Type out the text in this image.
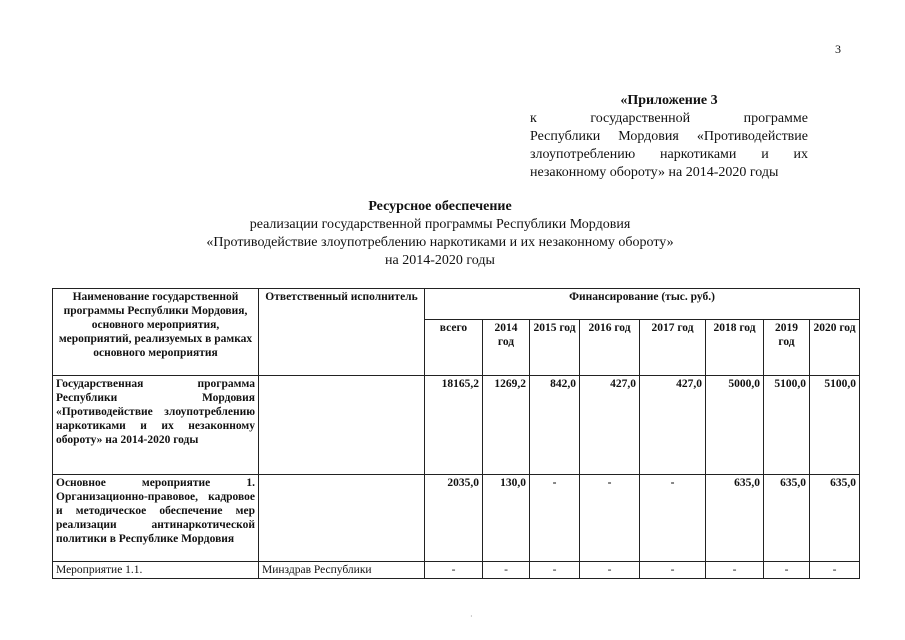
3
«Приложение 3
к государственной программе
Республики Мордовия «Противодействие
злоупотреблению наркотиками и их
незаконному обороту» на 2014-2020 годы
Ресурсное обеспечение
реализации государственной программы Республики Мордовия
«Противодействие злоупотреблению наркотиками и их незаконному обороту»
на 2014-2020 годы
Наименование государственной программы Республики Мордовия, основного мероприятия, мероприятий, реализуемых в рамках основного мероприятия	Ответственный исполнитель	Финансирование (тыс. руб.)							
		всего	2014 год	2015 год	2016 год	2017 год	2018 год	2019 год	2020 год
Государственная программа Республики Мордовия «Противодействие злоупотреблению наркотиками и их незаконному обороту» на 2014-2020 годы		18165,2	1269,2	842,0	427,0	427,0	5000,0	5100,0	5100,0
Основное мероприятие 1. Организационно-правовое, кадровое и методическое обеспечение мер реализации антинаркотической политики в Республике Мордовия		2035,0	130,0	-	-	-	635,0	635,0	635,0
Мероприятие 1.1.	Минздрав Республики	-	-	-	-	-	-	-	-
·
